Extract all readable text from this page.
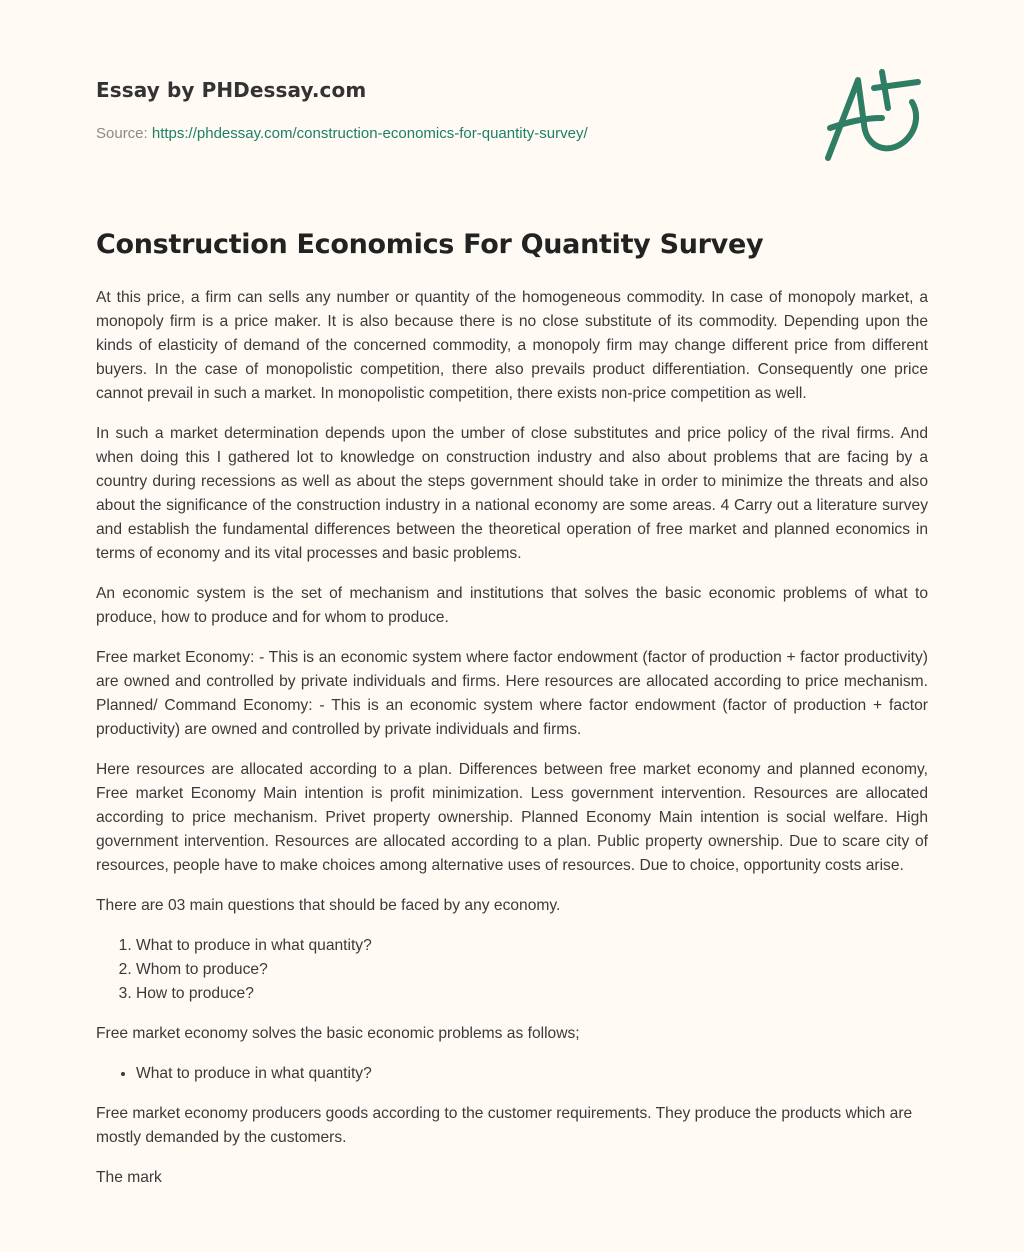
Essay by PHDessay.com
Source: https://phdessay.com/construction-economics-for-quantity-survey/
Construction Economics For Quantity Survey

At this price, a firm can sells any number or quantity of the homogeneous commodity. In case of monopoly market, a monopoly firm is a price maker. It is also because there is no close substitute of its commodity. Depending upon the kinds of elasticity of demand of the concerned commodity, a monopoly firm may change different price from different buyers. In the case of monopolistic competition, there also prevails product differentiation. Consequently one price cannot prevail in such a market. In monopolistic competition, there exists non-price competition as well.

In such a market determination depends upon the umber of close substitutes and price policy of the rival firms. And when doing this I gathered lot to knowledge on construction industry and also about problems that are facing by a country during recessions as well as about the steps government should take in order to minimize the threats and also about the significance of the construction industry in a national economy are some areas. 4 Carry out a literature survey and establish the fundamental differences between the theoretical operation of free market and planned economics in terms of economy and its vital processes and basic problems.

An economic system is the set of mechanism and institutions that solves the basic economic problems of what to produce, how to produce and for whom to produce.

Free market Economy: - This is an economic system where factor endowment (factor of production + factor productivity) are owned and controlled by private individuals and firms. Here resources are allocated according to price mechanism. Planned/ Command Economy: - This is an economic system where factor endowment (factor of production + factor productivity) are owned and controlled by private individuals and firms.

Here resources are allocated according to a plan. Differences between free market economy and planned economy, Free market Economy Main intention is profit minimization. Less government intervention. Resources are allocated according to price mechanism. Privet property ownership. Planned Economy Main intention is social welfare. High government intervention. Resources are allocated according to a plan. Public property ownership. Due to scare city of resources, people have to make choices among alternative uses of resources. Due to choice, opportunity costs arise.

There are 03 main questions that should be faced by any economy.

1. What to produce in what quantity?
2. Whom to produce?
3. How to produce?

Free market economy solves the basic economic problems as follows;

• What to produce in what quantity?

Free market economy producers goods according to the customer requirements. They produce the products which are mostly demanded by the customers.

The mark
